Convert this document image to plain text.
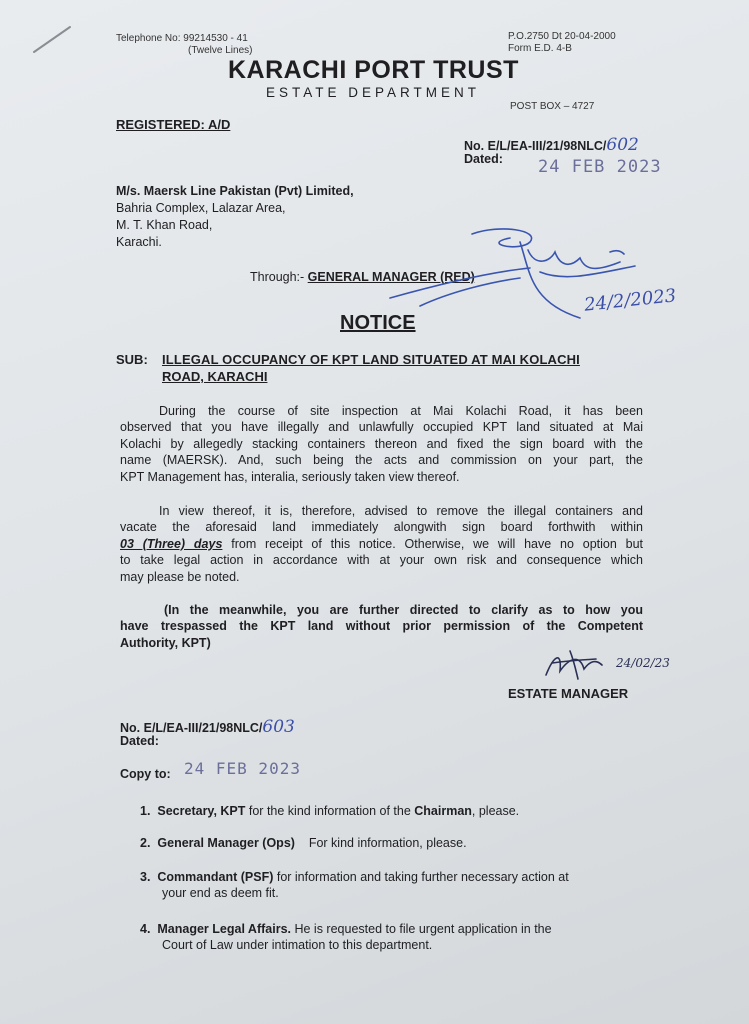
Telephone No: 99214530 - 41

(Twelve Lines)

P.O.2750 Dt 20-04-2000

Form E.D. 4-B

KARACHI PORT TRUST

ESTATE DEPARTMENT

POST BOX – 4727

REGISTERED: A/D

No. E/L/EA-III/21/98NLC/602

Dated: 24 FEB 2023

M/s. Maersk Line Pakistan (Pvt) Limited,

Bahria Complex, Lalazar Area,

M. T. Khan Road,

Karachi.

Through:- GENERAL MANAGER (RED)

24/2/2023

NOTICE

SUB: ILLEGAL OCCUPANCY OF KPT LAND SITUATED AT MAI KOLACHI

ROAD, KARACHI

During the course of site inspection at Mai Kolachi Road, it has been
observed that you have illegally and unlawfully occupied KPT land situated at Mai
Kolachi by allegedly stacking containers thereon and fixed the sign board with the
name (MAERSK). And, such being the acts and commission on your part, the
KPT Management has, interalia, seriously taken view thereof.
In view thereof, it is, therefore, advised to remove the illegal containers and
vacate the aforesaid land immediately alongwith sign board forthwith within
03 (Three) days from receipt of this notice. Otherwise, we will have no option but
to take legal action in accordance with at your own risk and consequence which
may please be noted.
(In the meanwhile, you are further directed to clarify as to how you
have trespassed the KPT land without prior permission of the Competent
Authority, KPT)

24/02/23

ESTATE MANAGER

No. E/L/EA-III/21/98NLC/603

Dated:

Copy to: 24 FEB 2023

1. Secretary, KPT for the kind information of the Chairman, please.

2. General Manager (Ops)    For kind information, please.

3. Commandant (PSF) for information and taking further necessary action at

your end as deem fit.

4. Manager Legal Affairs. He is requested to file urgent application in the

Court of Law under intimation to this department.
